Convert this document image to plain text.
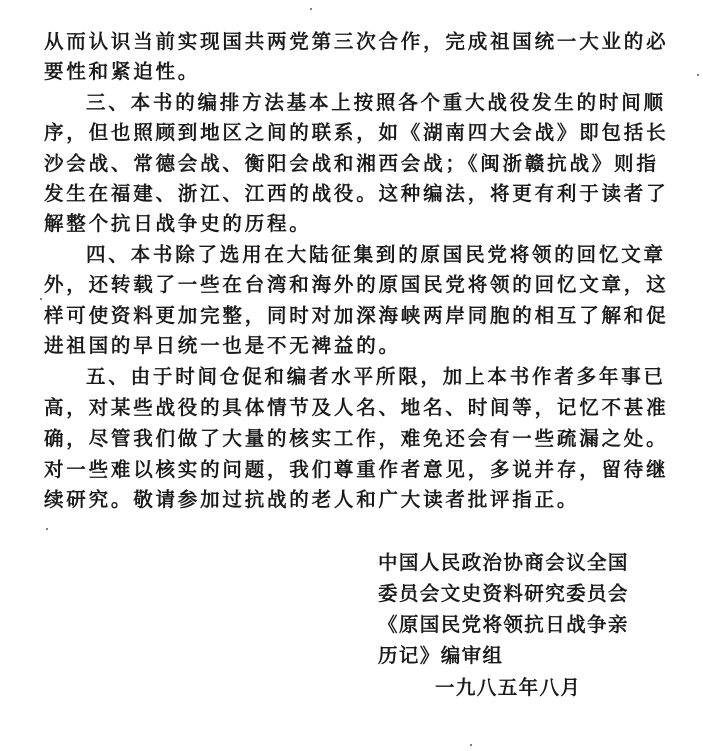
从而认识当前实现国共两党第三次合作，完成祖国统一大业的必
要性和紧迫性。
三、本书的编排方法基本上按照各个重大战役发生的时间顺
序，但也照顾到地区之间的联系，如《湖南四大会战》即包括长
沙会战、常德会战、衡阳会战和湘西会战；《闽浙赣抗战》则指
发生在福建、浙江、江西的战役。这种编法，将更有利于读者了
解整个抗日战争史的历程。
四、本书除了选用在大陆征集到的原国民党将领的回忆文章
外，还转载了一些在台湾和海外的原国民党将领的回忆文章，这
样可使资料更加完整，同时对加深海峡两岸同胞的相互了解和促
进祖国的早日统一也是不无裨益的。
五、由于时间仓促和编者水平所限，加上本书作者多年事已
高，对某些战役的具体情节及人名、地名、时间等，记忆不甚准
确，尽管我们做了大量的核实工作，难免还会有一些疏漏之处。
对一些难以核实的问题，我们尊重作者意见，多说并存，留待继
续研究。敬请参加过抗战的老人和广大读者批评指正。
中国人民政治协商会议全国
委员会文史资料研究委员会
《原国民党将领抗日战争亲
历记》编审组
一九八五年八月
